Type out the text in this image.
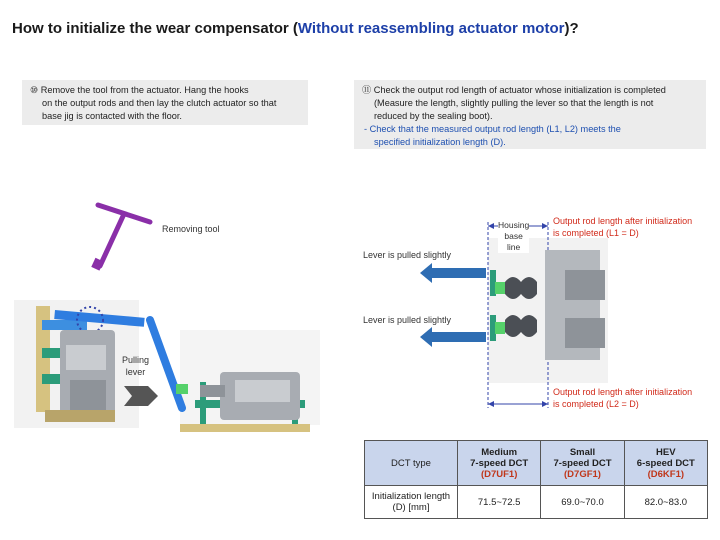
How to initialize the wear compensator (Without reassembling actuator motor)?
⑩ Remove the tool from the actuator. Hang the hooks
on the output rods and then lay the clutch actuator so that
base jig is contacted with the floor.
⑪ Check the output rod length of actuator whose initialization is completed
(Measure the length, slightly pulling the lever so that the length is not
reduced by the sealing boot).
- Check that the measured output rod length (L1, L2) meets the
specified initialization length (D).
Removing tool
Pulling
lever
Housing
base
line
Lever is pulled slightly
Lever is pulled slightly
Output rod length after initialization
is completed (L1 = D)
Output rod length after initialization
is completed (L2 = D)
DCT type	Medium
7-speed DCT
(D7UF1)	Small
7-speed DCT
(D7GF1)	HEV
6-speed DCT
(D6KF1)
Initialization length
(D) [mm]	71.5~72.5	69.0~70.0	82.0~83.0
